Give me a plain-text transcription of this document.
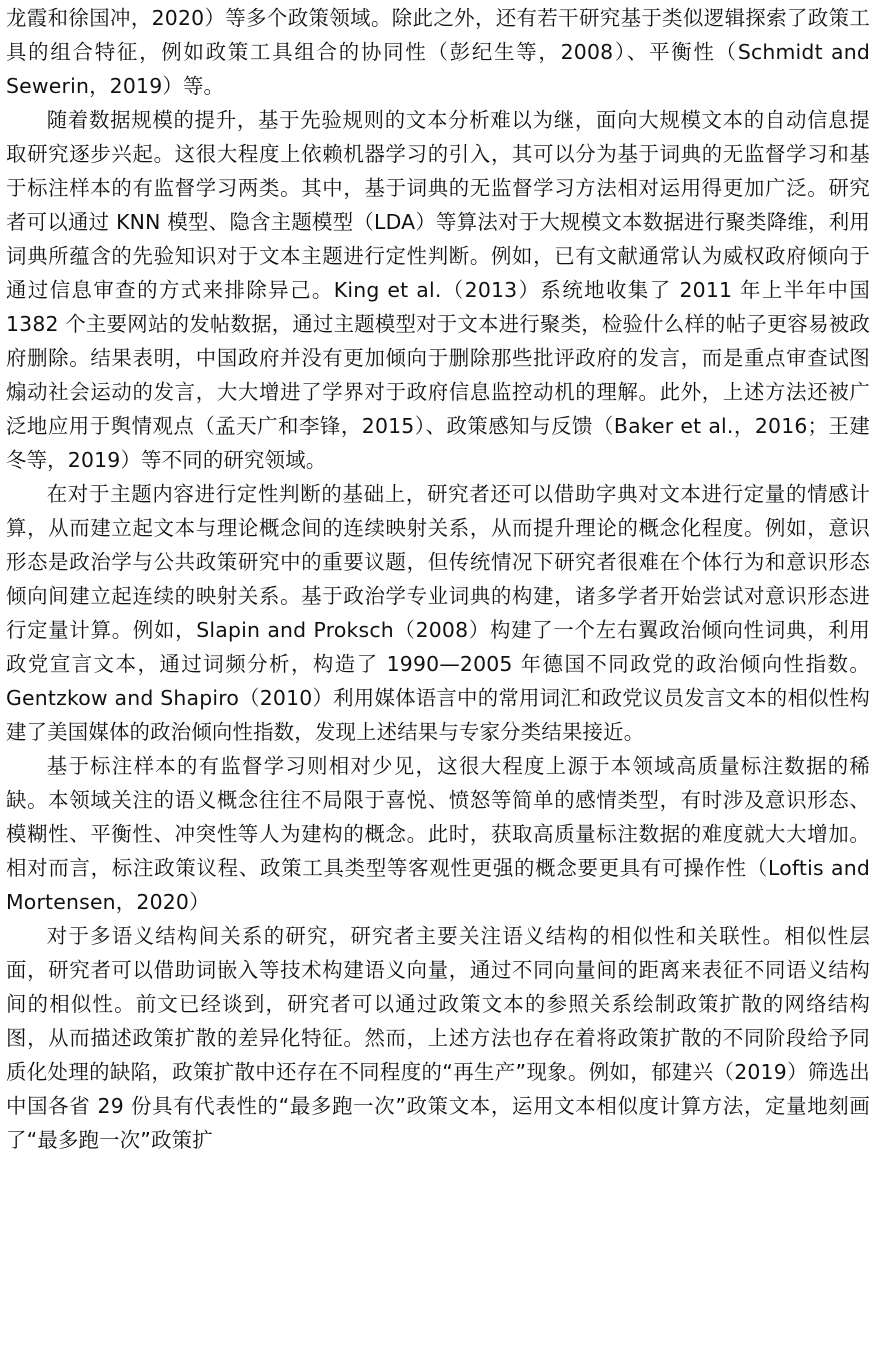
龙霞和徐国冲，2020）等多个政策领域。除此之外，还有若干研究基于类似逻辑探索了政策工具的组合特征，例如政策工具组合的协同性（彭纪生等，2008）、平衡性（Schmidt and Sewerin，2019）等。

随着数据规模的提升，基于先验规则的文本分析难以为继，面向大规模文本的自动信息提取研究逐步兴起。这很大程度上依赖机器学习的引入，其可以分为基于词典的无监督学习和基于标注样本的有监督学习两类。其中，基于词典的无监督学习方法相对运用得更加广泛。研究者可以通过 KNN 模型、隐含主题模型（LDA）等算法对于大规模文本数据进行聚类降维，利用词典所蕴含的先验知识对于文本主题进行定性判断。例如，已有文献通常认为威权政府倾向于通过信息审查的方式来排除异己。King et al.（2013）系统地收集了 2011 年上半年中国 1382 个主要网站的发帖数据，通过主题模型对于文本进行聚类，检验什么样的帖子更容易被政府删除。结果表明，中国政府并没有更加倾向于删除那些批评政府的发言，而是重点审查试图煽动社会运动的发言，大大增进了学界对于政府信息监控动机的理解。此外，上述方法还被广泛地应用于舆情观点（孟天广和李锋，2015）、政策感知与反馈（Baker et al.，2016；王建冬等，2019）等不同的研究领域。

在对于主题内容进行定性判断的基础上，研究者还可以借助字典对文本进行定量的情感计算，从而建立起文本与理论概念间的连续映射关系，从而提升理论的概念化程度。例如，意识形态是政治学与公共政策研究中的重要议题，但传统情况下研究者很难在个体行为和意识形态倾向间建立起连续的映射关系。基于政治学专业词典的构建，诸多学者开始尝试对意识形态进行定量计算。例如，Slapin and Proksch（2008）构建了一个左右翼政治倾向性词典，利用政党宣言文本，通过词频分析，构造了 1990—2005 年德国不同政党的政治倾向性指数。Gentzkow and Shapiro（2010）利用媒体语言中的常用词汇和政党议员发言文本的相似性构建了美国媒体的政治倾向性指数，发现上述结果与专家分类结果接近。

基于标注样本的有监督学习则相对少见，这很大程度上源于本领域高质量标注数据的稀缺。本领域关注的语义概念往往不局限于喜悦、愤怒等简单的感情类型，有时涉及意识形态、模糊性、平衡性、冲突性等人为建构的概念。此时，获取高质量标注数据的难度就大大增加。相对而言，标注政策议程、政策工具类型等客观性更强的概念要更具有可操作性（Loftis and Mortensen，2020）

对于多语义结构间关系的研究，研究者主要关注语义结构的相似性和关联性。相似性层面，研究者可以借助词嵌入等技术构建语义向量，通过不同向量间的距离来表征不同语义结构间的相似性。前文已经谈到，研究者可以通过政策文本的参照关系绘制政策扩散的网络结构图，从而描述政策扩散的差异化特征。然而，上述方法也存在着将政策扩散的不同阶段给予同质化处理的缺陷，政策扩散中还存在不同程度的“再生产”现象。例如，郁建兴（2019）筛选出中国各省 29 份具有代表性的“最多跑一次”政策文本，运用文本相似度计算方法，定量地刻画了“最多跑一次”政策扩
